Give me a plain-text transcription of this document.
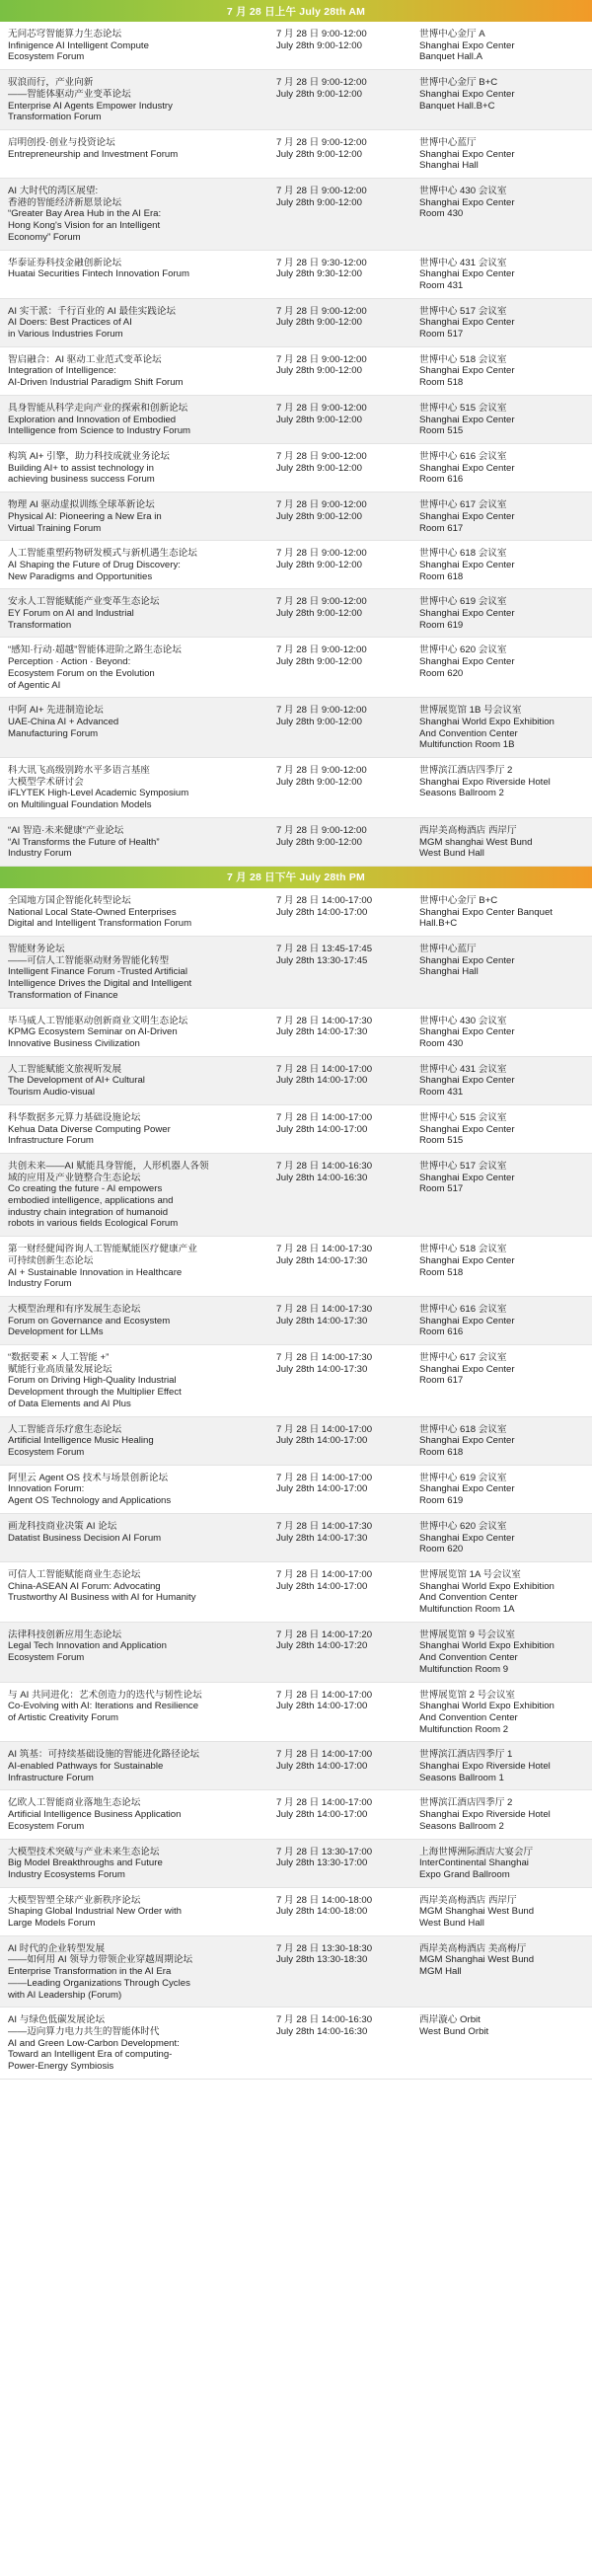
7 月 28 日上午 July 28th AM
无问芯穹智能算力生态论坛
Infinigence AI Intelligent Compute
Ecosystem Forum
7 月 28 日 9:00-12:00
July 28th 9:00-12:00
世博中心金厅 A
Shanghai Expo Center
Banquet Hall.A
驭浪而行，产业向新
——智能体驱动产业变革论坛
Enterprise AI Agents Empower Industry
Transformation Forum
7 月 28 日 9:00-12:00
July 28th 9:00-12:00
世博中心金厅 B+C
Shanghai Expo Center
Banquet Hall.B+C
启明创投·创业与投资论坛
Entrepreneurship and Investment Forum
7 月 28 日 9:00-12:00
July 28th 9:00-12:00
世博中心蓝厅
Shanghai Expo Center
Shanghai Hall
AI 大时代的湾区展望:
香港的智能经济新愿景论坛
“Greater Bay Area Hub in the AI Era:
Hong Kong's Vision for an Intelligent
Economy” Forum
7 月 28 日 9:00-12:00
July 28th 9:00-12:00
世博中心 430 会议室
Shanghai Expo Center
Room 430
华泰证券科技金融创新论坛
Huatai Securities Fintech Innovation Forum
7 月 28 日 9:30-12:00
July 28th 9:30-12:00
世博中心 431 会议室
Shanghai Expo Center
Room 431
AI 实干派：千行百业的 AI 最佳实践论坛
AI Doers: Best Practices of AI
in Various Industries Forum
7 月 28 日 9:00-12:00
July 28th 9:00-12:00
世博中心 517 会议室
Shanghai Expo Center
Room 517
智启融合：AI 驱动工业范式变革论坛
Integration of Intelligence:
AI-Driven Industrial Paradigm Shift Forum
7 月 28 日 9:00-12:00
July 28th 9:00-12:00
世博中心 518 会议室
Shanghai Expo Center
Room 518
具身智能从科学走向产业的探索和创新论坛
Exploration and Innovation of Embodied
Intelligence from Science to Industry Forum
7 月 28 日 9:00-12:00
July 28th 9:00-12:00
世博中心 515 会议室
Shanghai Expo Center
Room 515
构筑 AI+ 引擎，助力科技成就业务论坛
Building AI+ to assist technology in
achieving business success Forum
7 月 28 日 9:00-12:00
July 28th 9:00-12:00
世博中心 616 会议室
Shanghai Expo Center
Room 616
物理 AI 驱动虚拟训练全球革新论坛
Physical AI: Pioneering a New Era in
Virtual Training Forum
7 月 28 日 9:00-12:00
July 28th 9:00-12:00
世博中心 617 会议室
Shanghai Expo Center
Room 617
人工智能重塑药物研发模式与新机遇生态论坛
AI Shaping the Future of Drug Discovery:
New Paradigms and Opportunities
7 月 28 日 9:00-12:00
July 28th 9:00-12:00
世博中心 618 会议室
Shanghai Expo Center
Room 618
安永人工智能赋能产业变革生态论坛
EY Forum on AI and Industrial
Transformation
7 月 28 日 9:00-12:00
July 28th 9:00-12:00
世博中心 619 会议室
Shanghai Expo Center
Room 619
“感知·行动·超越”智能体进阶之路生态论坛
Perception · Action · Beyond:
Ecosystem Forum on the Evolution
of Agentic AI
7 月 28 日 9:00-12:00
July 28th 9:00-12:00
世博中心 620 会议室
Shanghai Expo Center
Room 620
中阿 AI+ 先进制造论坛
UAE-China AI + Advanced
Manufacturing Forum
7 月 28 日 9:00-12:00
July 28th 9:00-12:00
世博展览馆 1B 号会议室
Shanghai World Expo Exhibition
And Convention Center
Multifunction Room 1B
科大讯飞高级别跨水平多语言基座
大模型学术研讨会
iFLYTEK High-Level Academic Symposium
on Multilingual Foundation Models
7 月 28 日 9:00-12:00
July 28th 9:00-12:00
世博滨江酒店四季厅 2
Shanghai Expo Riverside Hotel
Seasons Ballroom 2
“AI 智造·未来健康”产业论坛
“AI Transforms the Future of Health”
Industry Forum
7 月 28 日 9:00-12:00
July 28th 9:00-12:00
西岸美高梅酒店 西岸厅
MGM shanghai West Bund
West Bund Hall
7 月 28 日下午 July 28th PM
全国地方国企智能化转型论坛
National Local State-Owned Enterprises
Digital and Intelligent Transformation Forum
7 月 28 日 14:00-17:00
July 28th 14:00-17:00
世博中心金厅 B+C
Shanghai Expo Center Banquet
Hall.B+C
智能财务论坛
——可信人工智能驱动财务智能化转型
Intelligent Finance Forum -Trusted Artificial
Intelligence Drives the Digital and Intelligent
Transformation of Finance
7 月 28 日 13:45-17:45
July 28th 13:30-17:45
世博中心蓝厅
Shanghai Expo Center
Shanghai Hall
毕马威人工智能驱动创新商业文明生态论坛
KPMG Ecosystem Seminar on AI-Driven
Innovative Business Civilization
7 月 28 日 14:00-17:30
July 28th 14:00-17:30
世博中心 430 会议室
Shanghai Expo Center
Room 430
人工智能赋能文旅视听发展
The Development of AI+ Cultural
Tourism Audio-visual
7 月 28 日 14:00-17:00
July 28th 14:00-17:00
世博中心 431 会议室
Shanghai Expo Center
Room 431
科华数据多元算力基础设施论坛
Kehua Data Diverse Computing Power
Infrastructure Forum
7 月 28 日 14:00-17:00
July 28th 14:00-17:00
世博中心 515 会议室
Shanghai Expo Center
Room 515
共创未来——AI 赋能具身智能，人形机器人各领
域的应用及产业链整合生态论坛
Co creating the future - AI empowers
embodied intelligence, applications and
industry chain integration of humanoid
robots in various fields Ecological Forum
7 月 28 日 14:00-16:30
July 28th 14:00-16:30
世博中心 517 会议室
Shanghai Expo Center
Room 517
第一财经健闻咨询人工智能赋能医疗健康产业
可持续创新生态论坛
AI + Sustainable Innovation in Healthcare
Industry Forum
7 月 28 日 14:00-17:30
July 28th 14:00-17:30
世博中心 518 会议室
Shanghai Expo Center
Room 518
大模型治理和有序发展生态论坛
Forum on Governance and Ecosystem
Development for LLMs
7 月 28 日 14:00-17:30
July 28th 14:00-17:30
世博中心 616 会议室
Shanghai Expo Center
Room 616
“数据要素 × 人工智能 +”
赋能行业高质量发展论坛
Forum on Driving High-Quality Industrial
Development through the Multiplier Effect
of Data Elements and AI Plus
7 月 28 日 14:00-17:30
July 28th 14:00-17:30
世博中心 617 会议室
Shanghai Expo Center
Room 617
人工智能音乐疗愈生态论坛
Artificial Intelligence Music Healing
Ecosystem Forum
7 月 28 日 14:00-17:00
July 28th 14:00-17:00
世博中心 618 会议室
Shanghai Expo Center
Room 618
阿里云 Agent OS 技术与场景创新论坛
Innovation Forum:
Agent OS Technology and Applications
7 月 28 日 14:00-17:00
July 28th 14:00-17:00
世博中心 619 会议室
Shanghai Expo Center
Room 619
画龙科技商业决策 AI 论坛
Datatist Business Decision AI Forum
7 月 28 日 14:00-17:30
July 28th 14:00-17:30
世博中心 620 会议室
Shanghai Expo Center
Room 620
可信人工智能赋能商业生态论坛
China-ASEAN AI Forum: Advocating
Trustworthy AI Business with AI for Humanity
7 月 28 日 14:00-17:00
July 28th 14:00-17:00
世博展览馆 1A 号会议室
Shanghai World Expo Exhibition
And Convention Center
Multifunction Room 1A
法律科技创新应用生态论坛
Legal Tech Innovation and Application
Ecosystem Forum
7 月 28 日 14:00-17:20
July 28th 14:00-17:20
世博展览馆 9 号会议室
Shanghai World Expo Exhibition
And Convention Center
Multifunction Room 9
与 AI 共同进化：艺术创造力的迭代与韧性论坛
Co-Evolving with AI: Iterations and Resilience
of Artistic Creativity Forum
7 月 28 日 14:00-17:00
July 28th 14:00-17:00
世博展览馆 2 号会议室
Shanghai World Expo Exhibition
And Convention Center
Multifunction Room 2
AI 筑基：可持续基础设施的智能进化路径论坛
AI-enabled Pathways for Sustainable
Infrastructure Forum
7 月 28 日 14:00-17:00
July 28th 14:00-17:00
世博滨江酒店四季厅 1
Shanghai Expo Riverside Hotel
Seasons Ballroom 1
亿欧人工智能商业落地生态论坛
Artificial Intelligence Business Application
Ecosystem Forum
7 月 28 日 14:00-17:00
July 28th 14:00-17:00
世博滨江酒店四季厅 2
Shanghai Expo Riverside Hotel
Seasons Ballroom 2
大模型技术突破与产业未来生态论坛
Big Model Breakthroughs and Future
Industry Ecosystems Forum
7 月 28 日 13:30-17:00
July 28th 13:30-17:00
上海世博洲际酒店大宴会厅
InterContinental Shanghai
Expo Grand Ballroom
大模型智塑全球产业新秩序论坛
Shaping Global Industrial New Order with
Large Models Forum
7 月 28 日 14:00-18:00
July 28th 14:00-18:00
西岸美高梅酒店 西岸厅
MGM Shanghai West Bund
West Bund Hall
AI 时代的企业转型发展
——如何用 AI 领导力带领企业穿越周期论坛
Enterprise Transformation in the AI Era
——Leading Organizations Through Cycles
with AI Leadership (Forum)
7 月 28 日 13:30-18:30
July 28th 13:30-18:30
西岸美高梅酒店 美高梅厅
MGM Shanghai West Bund
MGM Hall
AI 与绿色低碳发展论坛
——迈向算力电力共生的智能体时代
AI and Green Low-Carbon Development:
Toward an Intelligent Era of computing-
Power-Energy Symbiosis
7 月 28 日 14:00-16:30
July 28th 14:00-16:30
西岸漩心 Orbit
West Bund Orbit
